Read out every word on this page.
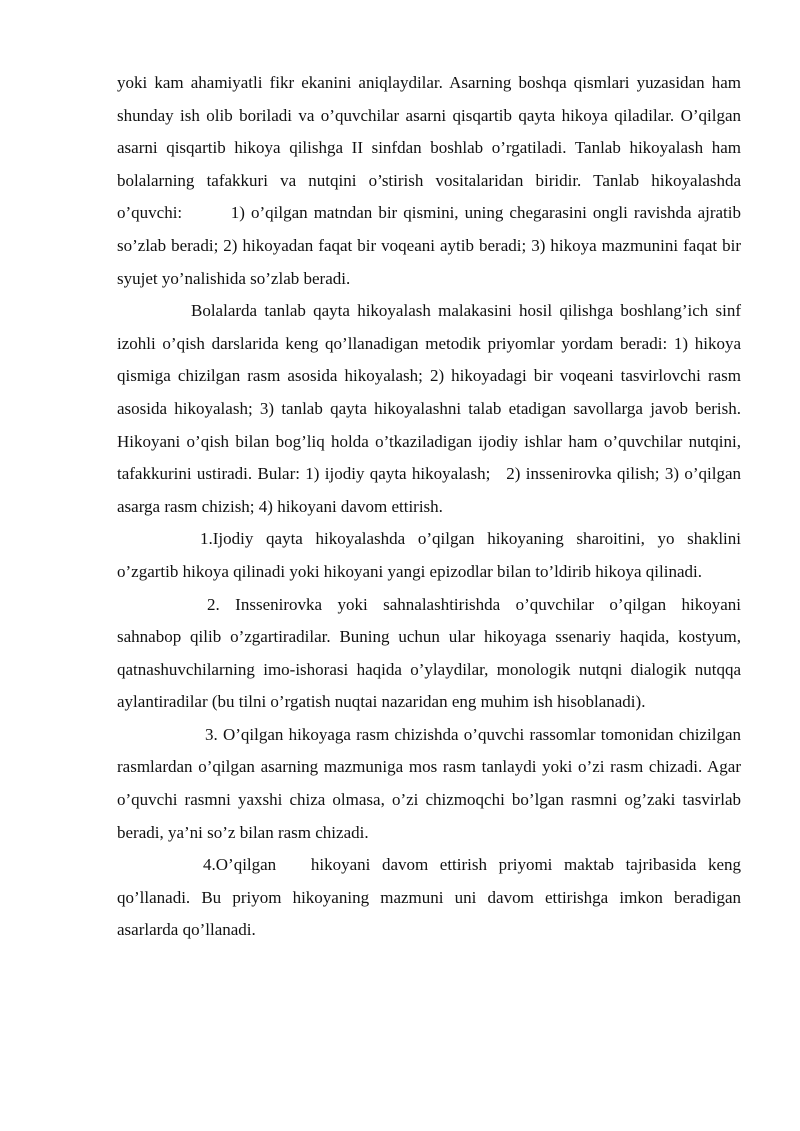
yoki kam ahamiyatli fikr ekanini aniqlaydilar. Asarning boshqa qismlari yuzasidan ham shunday ish olib boriladi va o’quvchilar asarni qisqartib qayta hikoya qiladilar. O’qilgan asarni qisqartib hikoya qilishga II sinfdan boshlab o’rgatiladi. Tanlab hikoyalash ham bolalarning tafakkuri va nutqini o’stirish vositalaridan biridir. Tanlab hikoyalashda o’quvchi:        1) o’qilgan matndan bir qismini, uning chegarasini ongli ravishda ajratib so’zlab beradi; 2) hikoyadan faqat bir voqeani aytib beradi; 3) hikoya mazmunini faqat bir syujet yo’nalishida so’zlab beradi.

Bolalarda tanlab qayta hikoyalash malakasini hosil qilishga boshlang’ich sinf izohli o’qish darslarida keng qo’llanadigan metodik priyomlar yordam beradi: 1) hikoya qismiga chizilgan rasm asosida hikoyalash; 2) hikoyadagi bir voqeani tasvirlovchi rasm asosida hikoyalash; 3) tanlab qayta hikoyalashni talab etadigan savollarga javob berish. Hikoyani o’qish bilan bog’liq holda o’tkaziladigan ijodiy ishlar ham o’quvchilar nutqini, tafakkurini ustiradi. Bular: 1) ijodiy qayta hikoyalash;   2) inssenirovka qilish; 3) o’qilgan asarga rasm chizish; 4) hikoyani davom ettirish.

1.Ijodiy qayta hikoyalashda o’qilgan hikoyaning sharoitini, yo shaklini o’zgartib hikoya qilinadi yoki hikoyani yangi epizodlar bilan to’ldirib hikoya qilinadi.

2. Inssenirovka yoki sahnalashtirishda o’quvchilar o’qilgan hikoyani sahnabop qilib o’zgartiradilar. Buning uchun ular hikoyaga ssenariy haqida, kostyum, qatnashuvchilarning imo-ishorasi haqida o’ylaydilar, monologik nutqni dialogik nutqqa aylantiradilar (bu tilni o’rgatish nuqtai nazaridan eng muhim ish hisoblanadi).

3. O’qilgan hikoyaga rasm chizishda o’quvchi rassomlar tomonidan chizilgan rasmlardan o’qilgan asarning mazmuniga mos rasm tanlaydi yoki o’zi rasm chizadi. Agar o’quvchi rasmni yaxshi chiza olmasa, o’zi chizmoqchi bo’lgan rasmni og’zaki tasvirlab beradi, ya’ni so’z bilan rasm chizadi.

4.O’qilgan   hikoyani davom ettirish priyomi maktab tajribasida keng qo’llanadi. Bu priyom hikoyaning mazmuni uni davom ettirishga imkon beradigan asarlarda qo’llanadi.
